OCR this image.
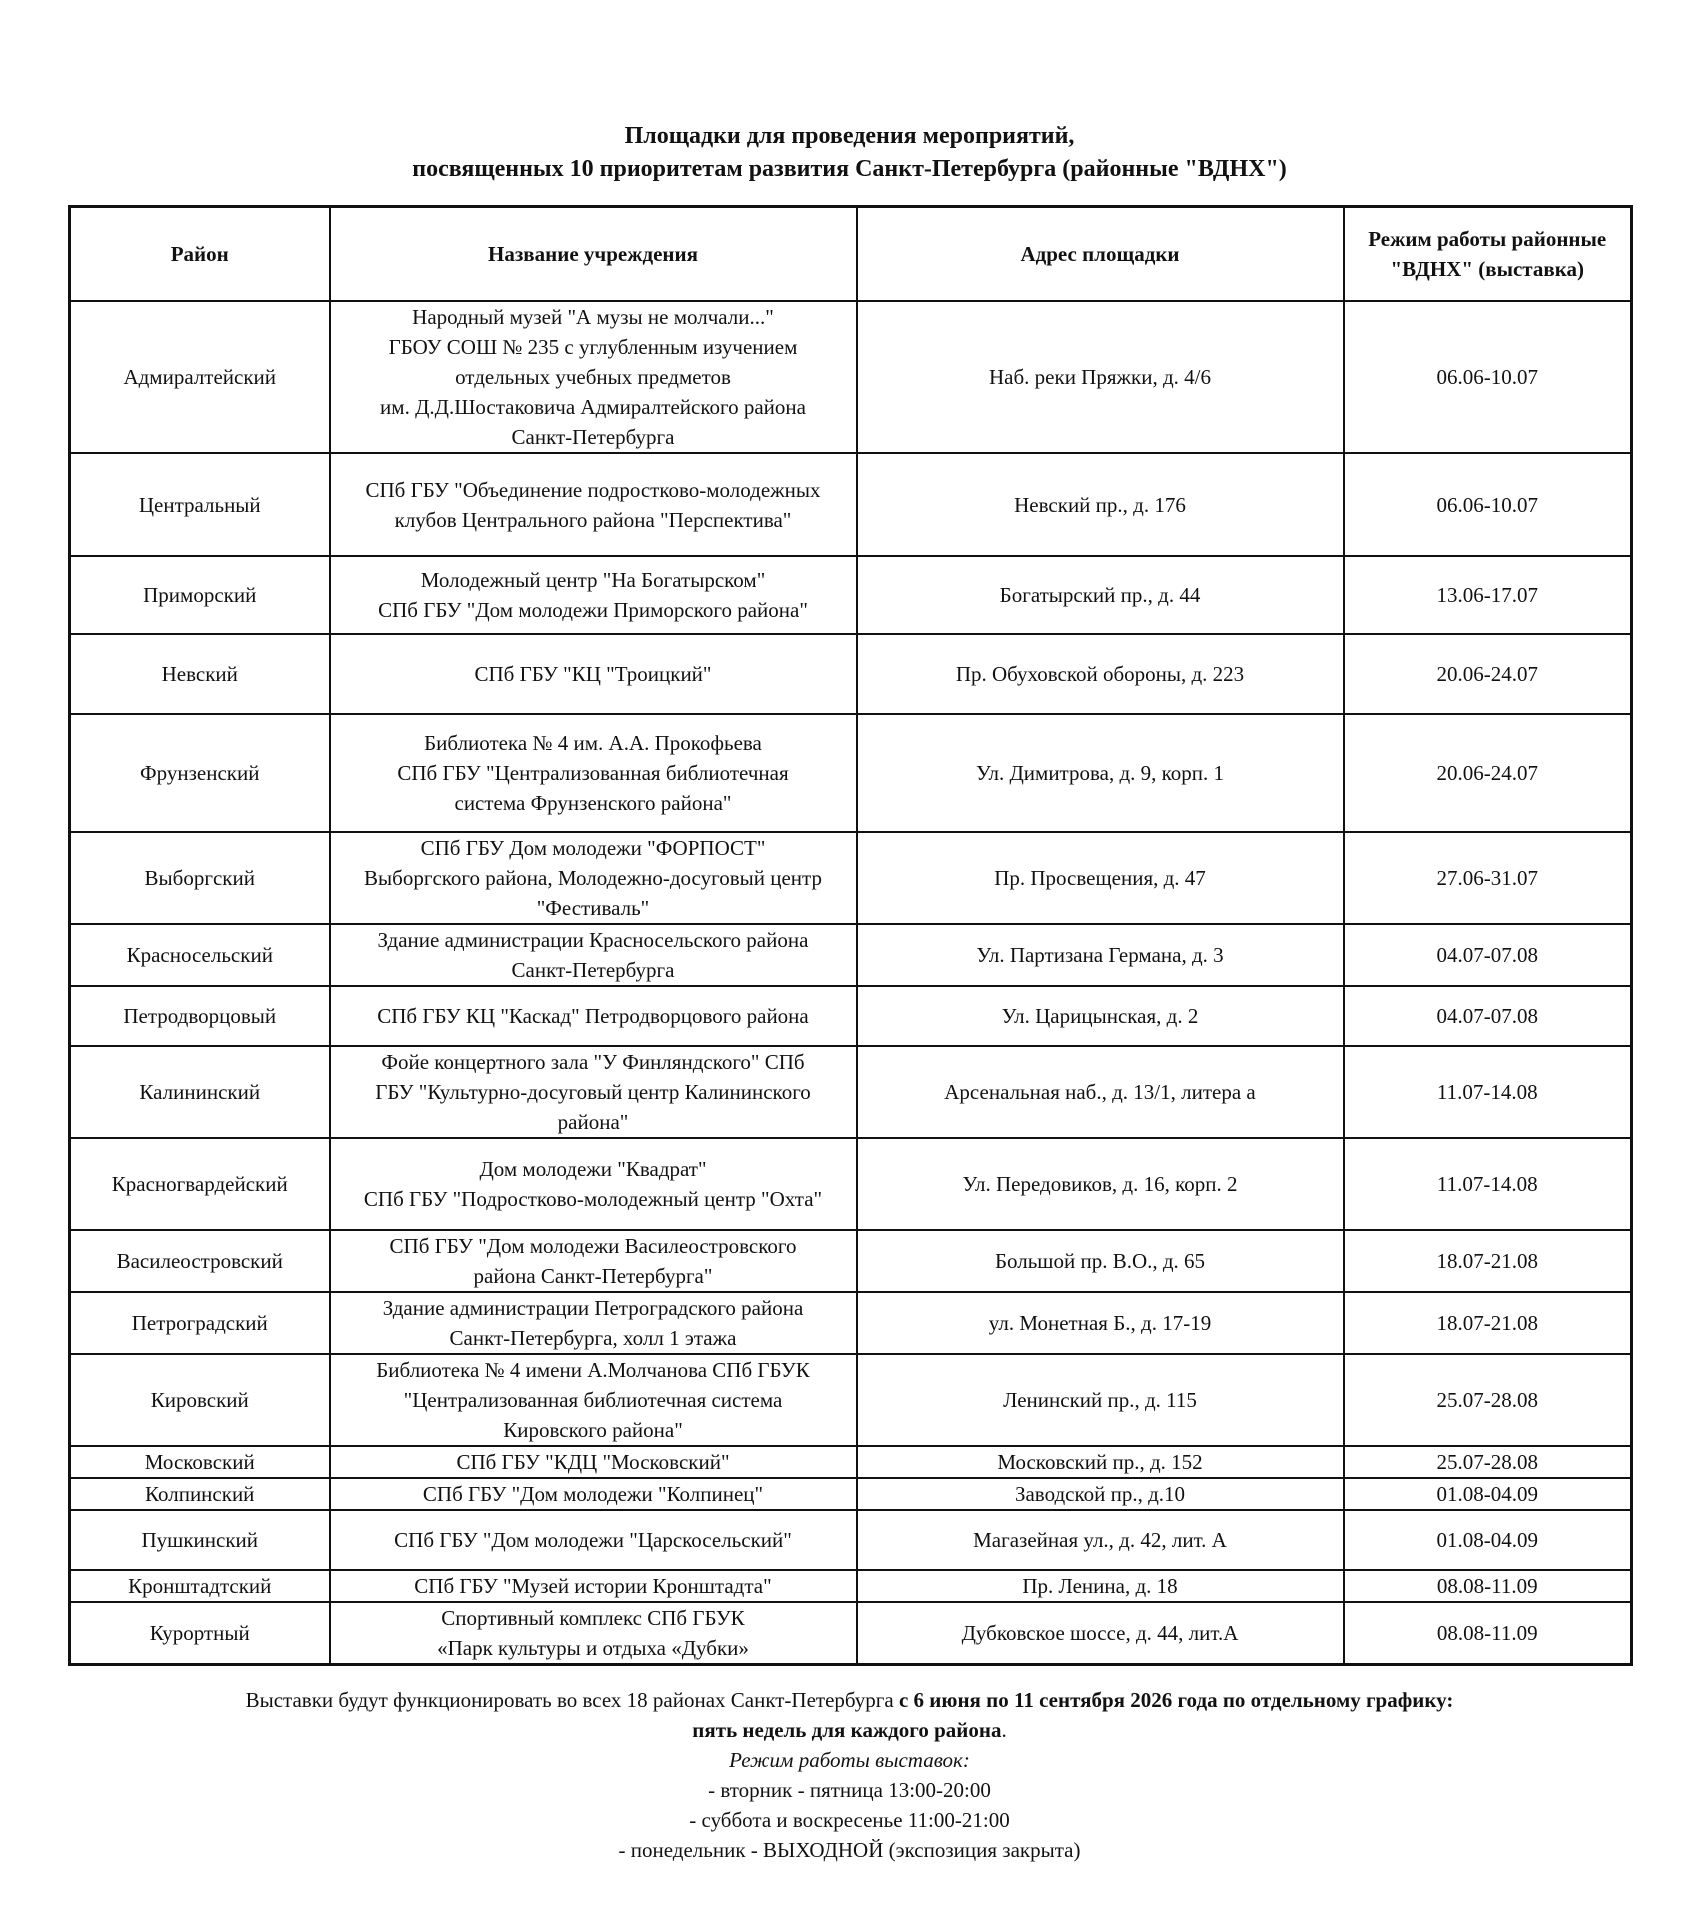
Площадки для проведения мероприятий,
посвященных 10 приоритетам развития Санкт-Петербурга (районные "ВДНХ")
Район	Название учреждения	Адрес площадки	Режим работы районные "ВДНХ" (выставка)
Адмиралтейский	Народный музей "А музы не молчали..."
ГБОУ СОШ № 235 с углубленным изучением
отдельных учебных предметов
им. Д.Д.Шостаковича Адмиралтейского района
Санкт-Петербурга	Наб. реки Пряжки, д. 4/6	06.06-10.07
Центральный	СПб ГБУ "Объединение подростково-молодежных
клубов Центрального района "Перспектива"	Невский пр., д. 176	06.06-10.07
Приморский	Молодежный центр "На Богатырском"
СПб ГБУ "Дом молодежи Приморского района"	Богатырский пр., д. 44	13.06-17.07
Невский	СПб ГБУ "КЦ "Троицкий"	Пр. Обуховской обороны, д. 223	20.06-24.07
Фрунзенский	Библиотека № 4 им. А.А. Прокофьева
СПб ГБУ "Централизованная библиотечная
система Фрунзенского района"	Ул. Димитрова, д. 9, корп. 1	20.06-24.07
Выборгский	СПб ГБУ Дом молодежи "ФОРПОСТ"
Выборгского района, Молодежно-досуговый центр
"Фестиваль"	Пр. Просвещения, д. 47	27.06-31.07
Красносельский	Здание администрации Красносельского района
Санкт-Петербурга	Ул. Партизана Германа, д. 3	04.07-07.08
Петродворцовый	СПб ГБУ КЦ "Каскад" Петродворцового района	Ул. Царицынская, д. 2	04.07-07.08
Калининский	Фойе концертного зала "У Финляндского" СПб
ГБУ "Культурно-досуговый центр Калининского
района"	Арсенальная наб., д. 13/1, литера а	11.07-14.08
Красногвардейский	Дом молодежи "Квадрат"
СПб ГБУ "Подростково-молодежный центр "Охта"	Ул. Передовиков, д. 16, корп. 2	11.07-14.08
Василеостровский	СПб ГБУ "Дом молодежи Василеостровского
района Санкт-Петербурга"	Большой пр. В.О., д. 65	18.07-21.08
Петроградский	Здание администрации Петроградского района
Санкт-Петербурга, холл 1 этажа	ул. Монетная Б., д. 17-19	18.07-21.08
Кировский	Библиотека № 4 имени А.Молчанова СПб ГБУК
"Централизованная библиотечная система
Кировского района"	Ленинский пр., д. 115	25.07-28.08
Московский	СПб ГБУ "КДЦ "Московский"	Московский пр., д. 152	25.07-28.08
Колпинский	СПб ГБУ "Дом молодежи "Колпинец"	Заводской пр., д.10	01.08-04.09
Пушкинский	СПб ГБУ "Дом молодежи "Царскосельский"	Магазейная ул., д. 42, лит. А	01.08-04.09
Кронштадтский	СПб ГБУ "Музей истории Кронштадта"	Пр. Ленина, д. 18	08.08-11.09
Курортный	Спортивный комплекс СПб ГБУК
«Парк культуры и отдыха «Дубки»	Дубковское шоссе, д. 44, лит.А	08.08-11.09
Выставки будут функционировать во всех 18 районах Санкт-Петербурга с 6 июня по 11 сентября 2026 года по отдельному графику:
пять недель для каждого района.
Режим работы выставок:
- вторник - пятница 13:00-20:00
- суббота и воскресенье 11:00-21:00
- понедельник - ВЫХОДНОЙ (экспозиция закрыта)
